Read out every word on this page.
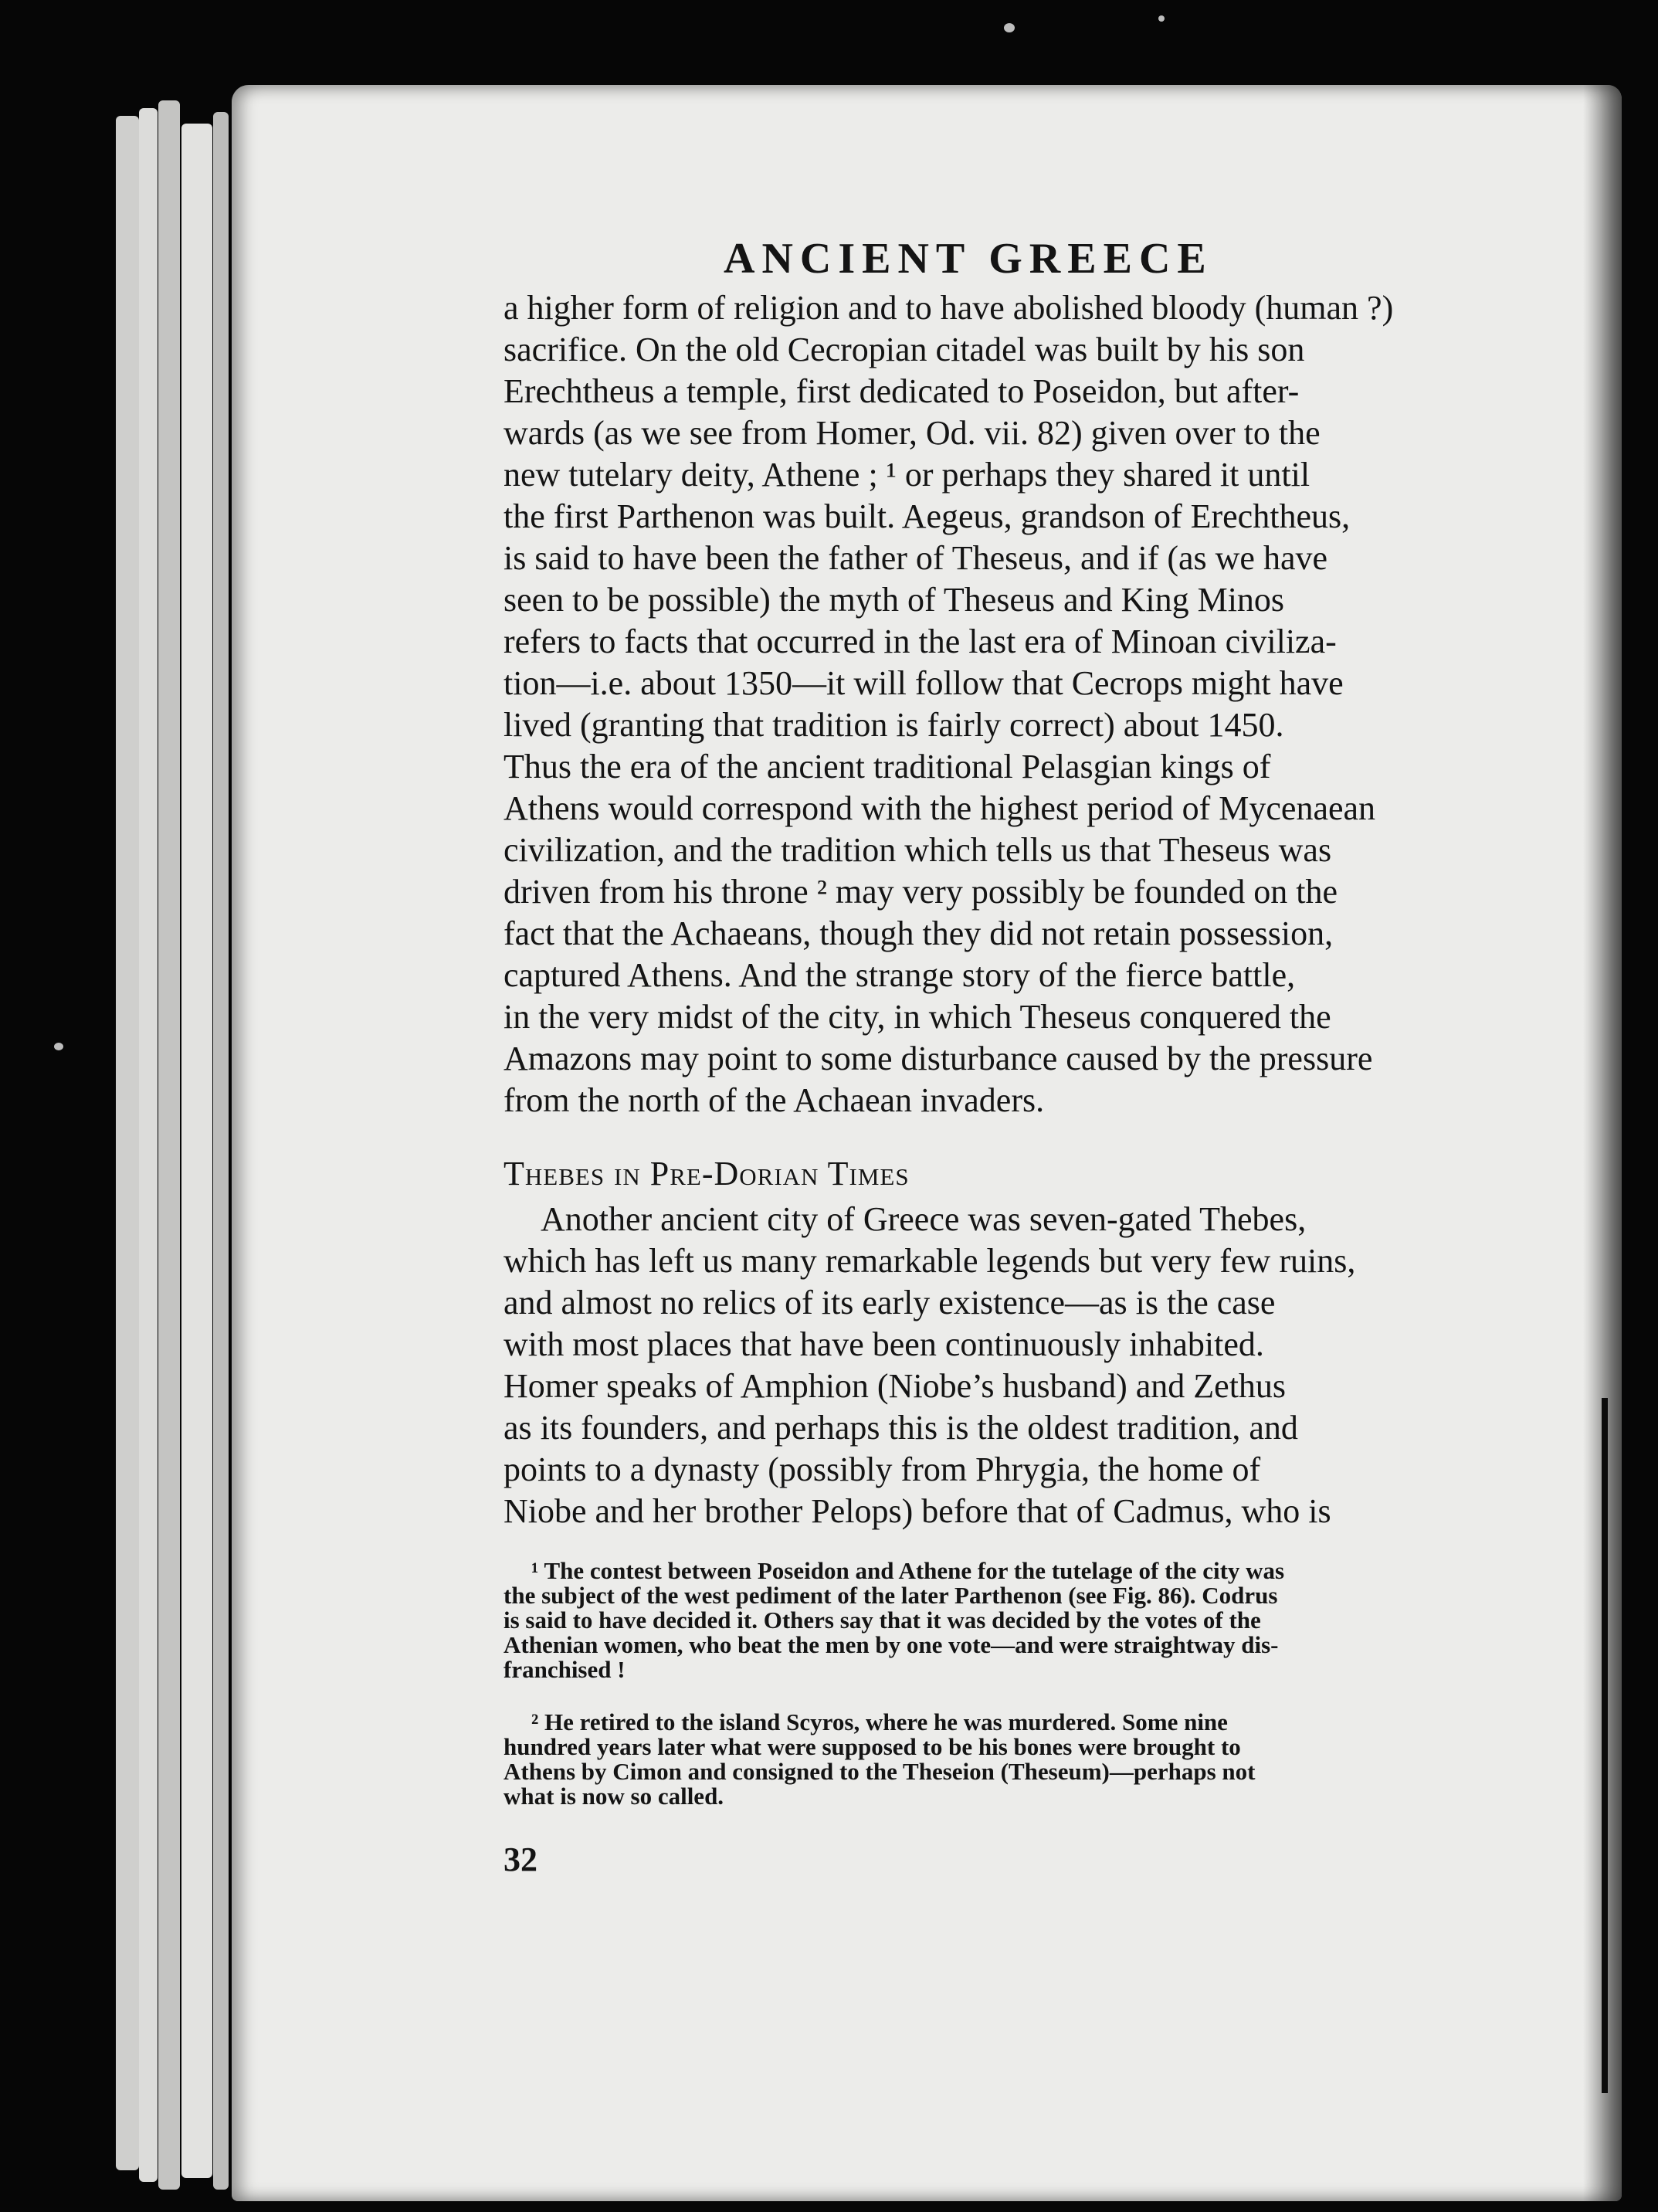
ANCIENT GREECE
a higher form of religion and to have abolished bloody (human ?)
sacrifice. On the old Cecropian citadel was built by his son
Erechtheus a temple, first dedicated to Poseidon, but after-
wards (as we see from Homer, Od. vii. 82) given over to the
new tutelary deity, Athene ; ¹ or perhaps they shared it until
the first Parthenon was built. Aegeus, grandson of Erechtheus,
is said to have been the father of Theseus, and if (as we have
seen to be possible) the myth of Theseus and King Minos
refers to facts that occurred in the last era of Minoan civiliza-
tion—i.e. about 1350—it will follow that Cecrops might have
lived (granting that tradition is fairly correct) about 1450.
Thus the era of the ancient traditional Pelasgian kings of
Athens would correspond with the highest period of Mycenaean
civilization, and the tradition which tells us that Theseus was
driven from his throne ² may very possibly be founded on the
fact that the Achaeans, though they did not retain possession,
captured Athens. And the strange story of the fierce battle,
in the very midst of the city, in which Theseus conquered the
Amazons may point to some disturbance caused by the pressure
from the north of the Achaean invaders.
Thebes in Pre-Dorian Times
Another ancient city of Greece was seven-gated Thebes,
which has left us many remarkable legends but very few ruins,
and almost no relics of its early existence—as is the case
with most places that have been continuously inhabited.
Homer speaks of Amphion (Niobe’s husband) and Zethus
as its founders, and perhaps this is the oldest tradition, and
points to a dynasty (possibly from Phrygia, the home of
Niobe and her brother Pelops) before that of Cadmus, who is
¹ The contest between Poseidon and Athene for the tutelage of the city was
the subject of the west pediment of the later Parthenon (see Fig. 86). Codrus
is said to have decided it. Others say that it was decided by the votes of the
Athenian women, who beat the men by one vote—and were straightway dis-
franchised !
² He retired to the island Scyros, where he was murdered. Some nine
hundred years later what were supposed to be his bones were brought to
Athens by Cimon and consigned to the Theseion (Theseum)—perhaps not
what is now so called.
32
